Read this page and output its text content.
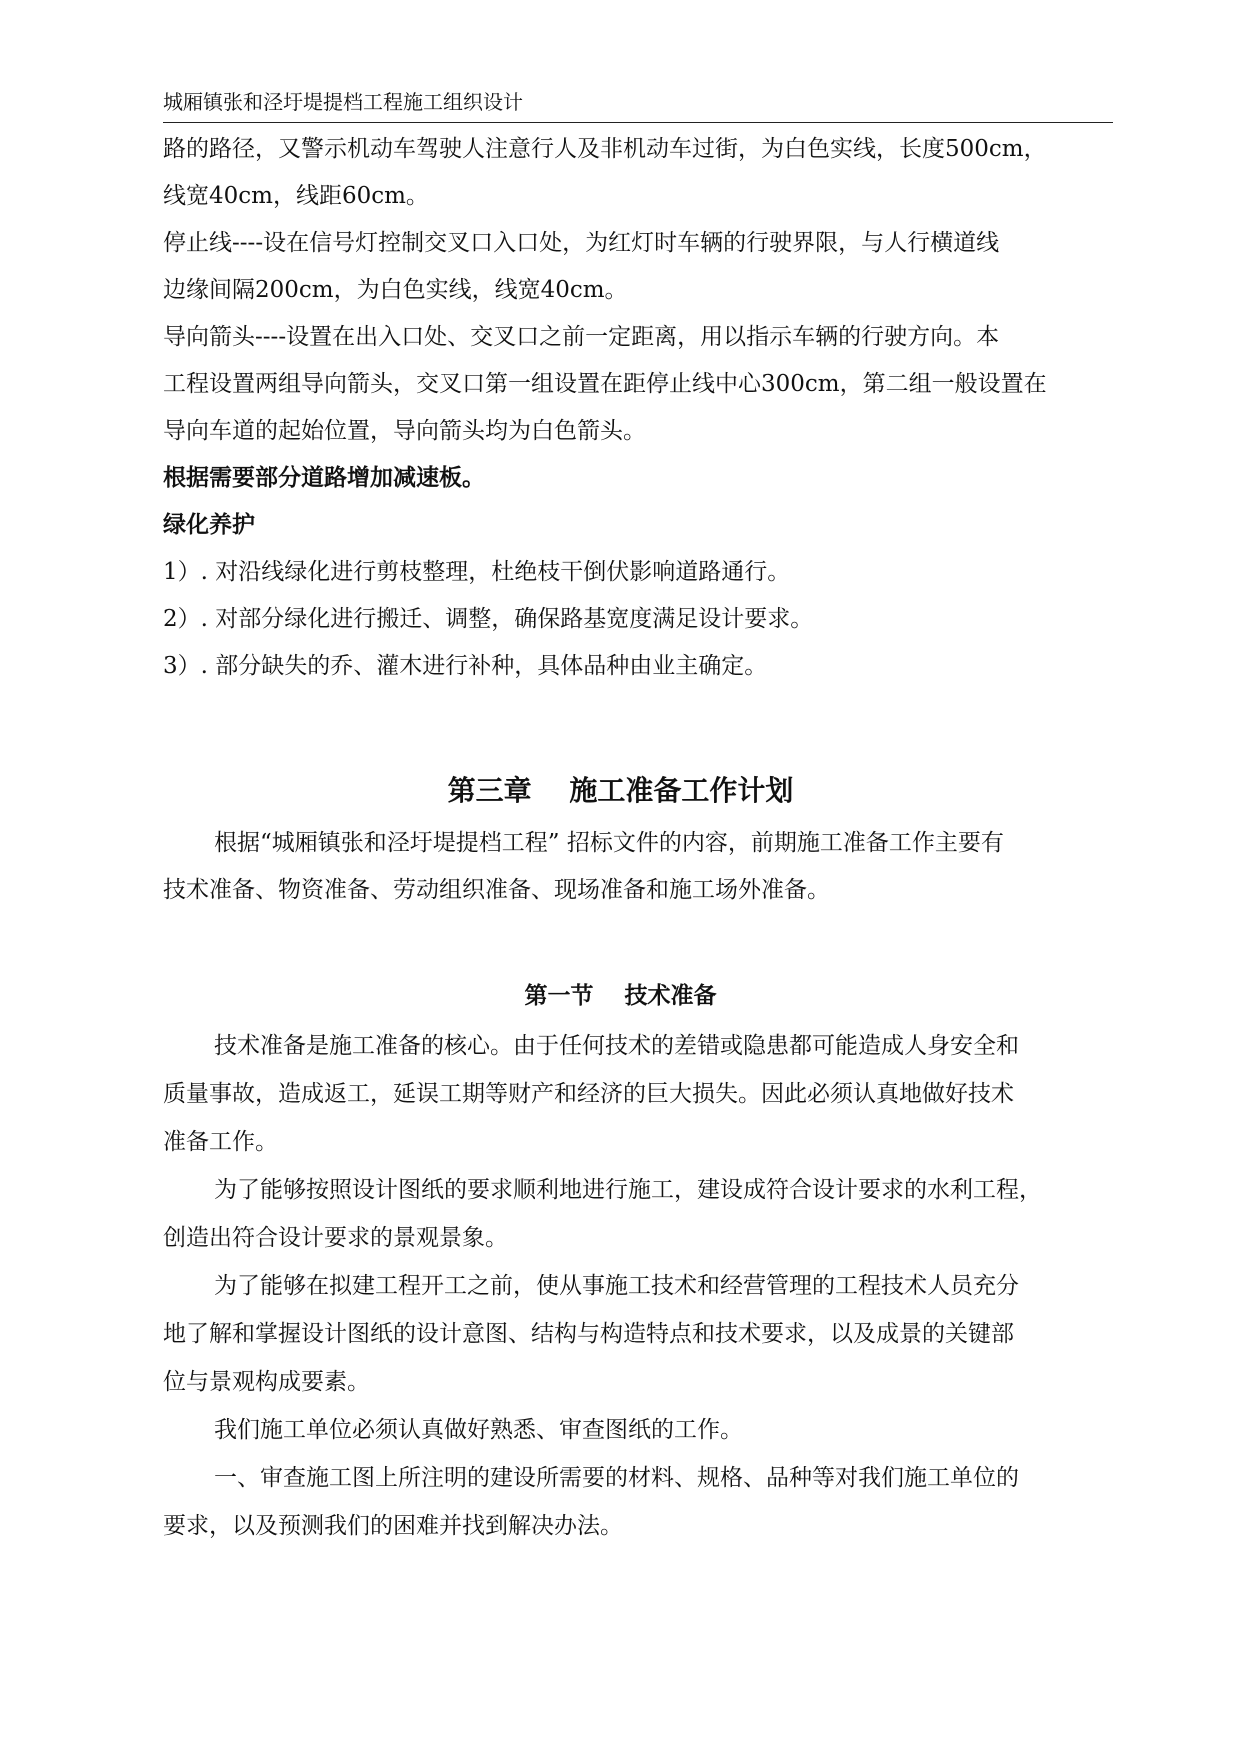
城厢镇张和泾圩堤提档工程施工组织设计
路的路径，又警示机动车驾驶人注意行人及非机动车过街，为白色实线，长度500cm，
线宽40cm，线距60cm。
停止线----设在信号灯控制交叉口入口处，为红灯时车辆的行驶界限，与人行横道线
边缘间隔200cm，为白色实线，线宽40cm。
导向箭头----设置在出入口处、交叉口之前一定距离，用以指示车辆的行驶方向。本
工程设置两组导向箭头，交叉口第一组设置在距停止线中心300cm，第二组一般设置在
导向车道的起始位置，导向箭头均为白色箭头。
根据需要部分道路增加减速板。
绿化养护
1）. 对沿线绿化进行剪枝整理，杜绝枝干倒伏影响道路通行。
2）. 对部分绿化进行搬迁、调整，确保路基宽度满足设计要求。
3）. 部分缺失的乔、灌木进行补种，具体品种由业主确定。
第三章　 施工准备工作计划
根据“城厢镇张和泾圩堤提档工程” 招标文件的内容，前期施工准备工作主要有
技术准备、物资准备、劳动组织准备、现场准备和施工场外准备。
第一节　 技术准备
技术准备是施工准备的核心。由于任何技术的差错或隐患都可能造成人身安全和
质量事故，造成返工，延误工期等财产和经济的巨大损失。因此必须认真地做好技术
准备工作。
为了能够按照设计图纸的要求顺利地进行施工，建设成符合设计要求的水利工程，
创造出符合设计要求的景观景象。
为了能够在拟建工程开工之前，使从事施工技术和经营管理的工程技术人员充分
地了解和掌握设计图纸的设计意图、结构与构造特点和技术要求，以及成景的关键部
位与景观构成要素。
我们施工单位必须认真做好熟悉、审查图纸的工作。
一、审查施工图上所注明的建设所需要的材料、规格、品种等对我们施工单位的
要求，以及预测我们的困难并找到解决办法。
